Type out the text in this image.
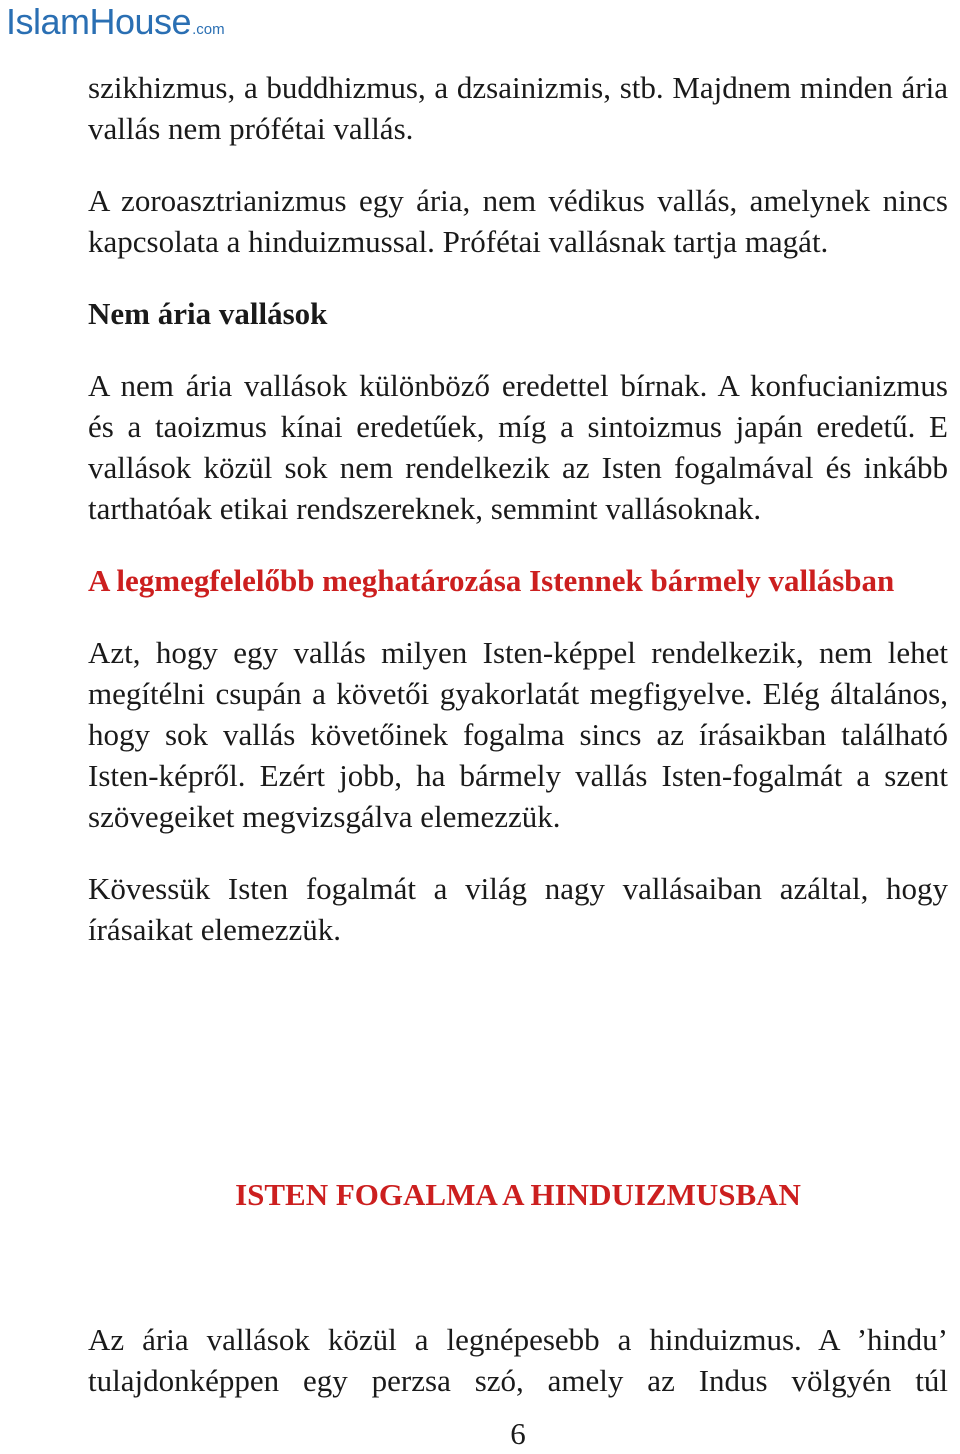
IslamHouse .com

szikhizmus, a buddhizmus, a dzsainizmis, stb. Majdnem minden ária vallás nem prófétai vallás.

A zoroasztrianizmus egy ária, nem védikus vallás, amelynek nincs kapcsolata a hinduizmussal. Prófétai vallásnak tartja magát.

Nem ária vallások

A nem ária vallások különböző eredettel bírnak. A konfucianizmus és a taoizmus kínai eredetűek, míg a sintoizmus japán eredetű. E vallások közül sok nem rendelkezik az Isten fogalmával és inkább tarthatóak etikai rendszereknek, semmint vallásoknak.

A legmegfelelőbb meghatározása Istennek bármely vallásban

Azt, hogy egy vallás milyen Isten-képpel rendelkezik, nem lehet megítélni csupán a követői gyakorlatát megfigyelve. Elég általános, hogy sok vallás követőinek fogalma sincs az írásaikban található Isten-képről. Ezért jobb, ha bármely vallás Isten-fogalmát a szent szövegeiket megvizsgálva elemezzük.

Kövessük Isten fogalmát a világ nagy vallásaiban azáltal, hogy írásaikat elemezzük.

ISTEN FOGALMA A HINDUIZMUSBAN

Az ária vallások közül a legnépesebb a hinduizmus. A ’hindu’ tulajdonképpen egy perzsa szó, amely az Indus völgyén túl

6
